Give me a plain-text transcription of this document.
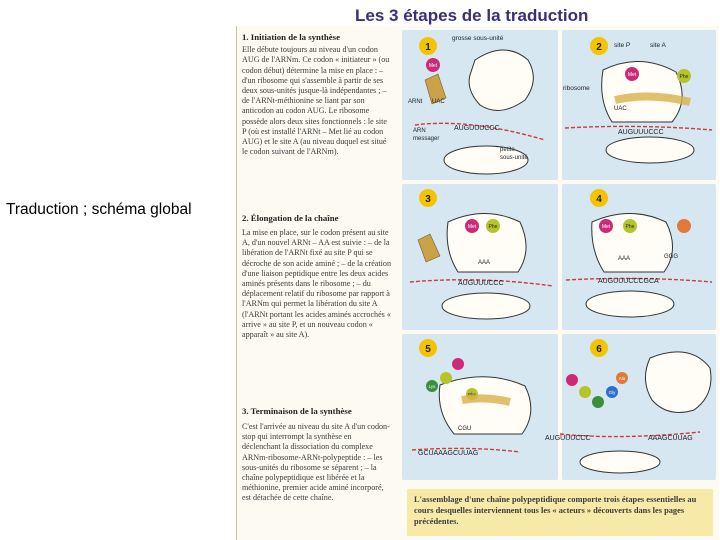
Traduction ; schéma global
Les 3 étapes de la traduction
1. Initiation de la synthèse
Elle débute toujours au niveau d'un codon AUG de l'ARNm. Ce codon « initiateur » (ou codon début) détermine la mise en place : – d'un ribosome qui s'assemble à partir de ses deux sous-unités jusque-là indépendantes ; – de l'ARNt-méthionine se liant par son anticodon au codon AUG. Le ribosome possède alors deux sites fonctionnels : le site P (où est installé l'ARNt – Met lié au codon AUG) et le site A (au niveau duquel est situé le codon suivant de l'ARNm).
2. Élongation de la chaîne
La mise en place, sur le codon présent au site A, d'un nouvel ARNt – AA est suivie : – de la libération de l'ARNt fixé au site P qui se décroche de son acide aminé ; – de la création d'une liaison peptidique entre les deux acides aminés présents dans le ribosome ; – du déplacement relatif du ribosome par rapport à l'ARNm qui permet la libération du site A (l'ARNt portant les acides aminés accrochés « arrive » au site P, et un nouveau codon « apparaît » au site A).
3. Terminaison de la synthèse
C'est l'arrivée au niveau du site A d'un codon-stop qui interrompt la synthèse en déclenchant la dissociation du complexe ARNm-ribosome-ARNt-polypeptide : – les sous-unités du ribosome se séparent ; – la chaîne polypeptidique est libérée et la méthionine, premier acide aminé incorporé, est détachée de cette chaîne.
1
grosse sous-unité
Met
ARNt UAC
AUGUUUCCC
ARN
messager
petite
sous-unité
2 site P	site A
ribosome
Met	Phe
UAC
AUGUUUCCC
3
Met Phe
AAA
AUGUUUCCC
4
Met	Phe
AAA	GGG
AUGUUUCCCGCA
5
Lys
Phe
CGU
GCUAAAGCUUAG
6
Gly
Ala
AUGUUUCCC	AAAGCUUAG
L'assemblage d'une chaîne polypeptidique comporte trois étapes essentielles au cours desquelles interviennent tous les « acteurs » découverts dans les pages précédentes.
